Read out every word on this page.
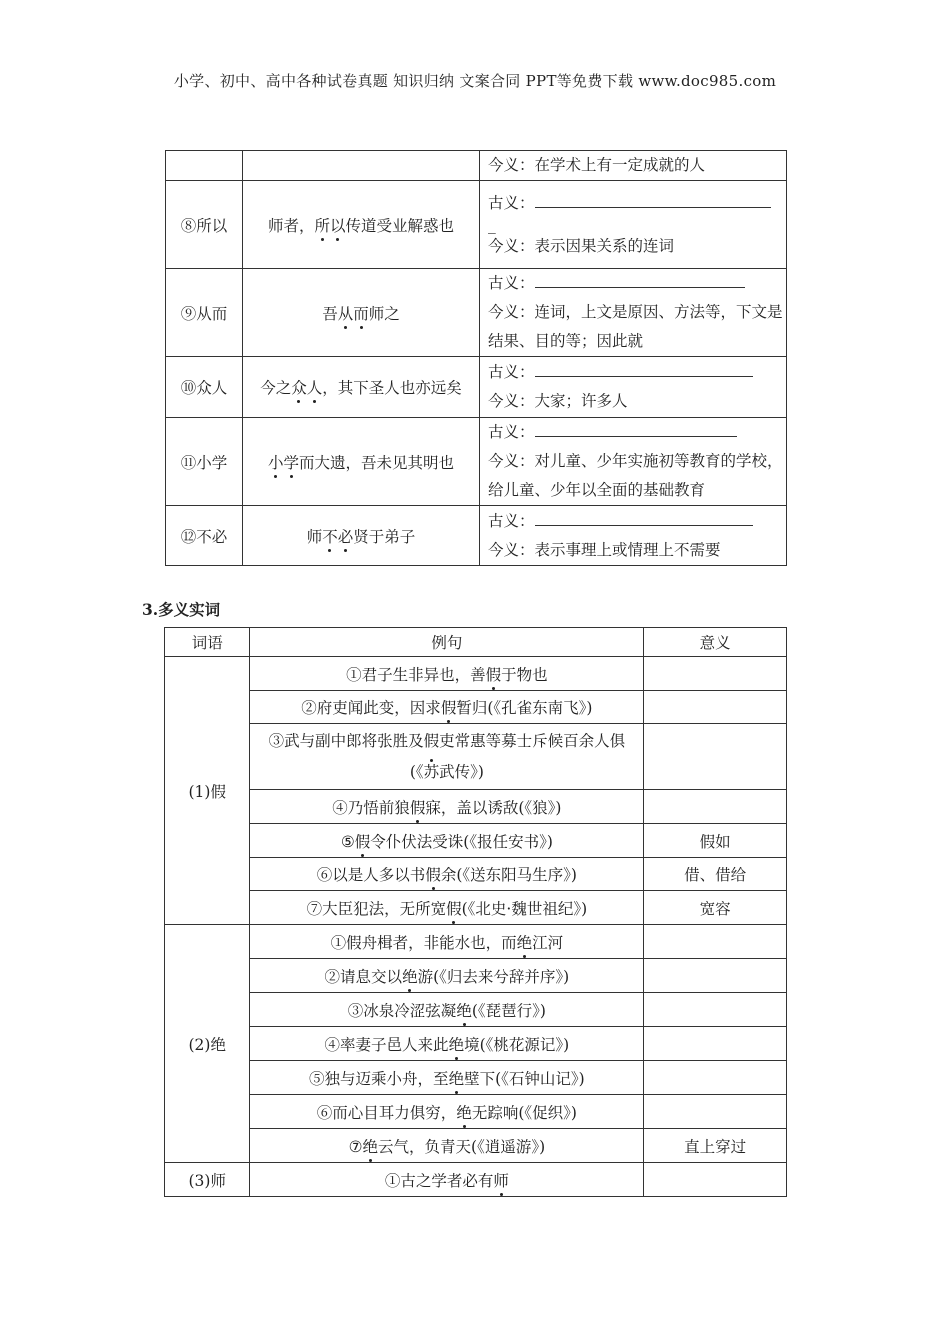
小学、初中、高中各种试卷真题 知识归纳 文案合同 PPT等免费下载 www.doc985.com
		今义：在学术上有一定成就的人
⑧所以	师者，所以传道受业解惑也	古义：
_
今义：表示因果关系的连词

⑨从而	吾从而师之	古义：
今义：连词，上文是原因、方法等，下文是结果、目的等；因此就

⑩众人	今之众人，其下圣人也亦远矣	古义：
今义：大家；许多人

⑪小学	小学而大遗，吾未见其明也	古义：
今义：对儿童、少年实施初等教育的学校，给儿童、少年以全面的基础教育

⑫不必	师不必贤于弟子	古义：
今义：表示事理上或情理上不需要
3.多义实词
词语	例句	意义
(1)假	①君子生非异也，善假于物也	
	②府吏闻此变，因求假暂归(《孔雀东南飞》)	
	③武与副中郎将张胜及假吏常惠等募士斥候百余人俱(《苏武传》)	
	④乃悟前狼假寐，盖以诱敌(《狼》)	
	⑤假令仆伏法受诛(《报任安书》)	假如
	⑥以是人多以书假余(《送东阳马生序》)	借、借给
	⑦大臣犯法，无所宽假(《北史·魏世祖纪》)	宽容
(2)绝	①假舟楫者，非能水也，而绝江河	
	②请息交以绝游(《归去来兮辞并序》)	
	③冰泉冷涩弦凝绝(《琵琶行》)	
	④率妻子邑人来此绝境(《桃花源记》)	
	⑤独与迈乘小舟，至绝壁下(《石钟山记》)	
	⑥而心目耳力俱穷，绝无踪响(《促织》)	
	⑦绝云气，负青天(《逍遥游》)	直上穿过
(3)师	①古之学者必有师	
